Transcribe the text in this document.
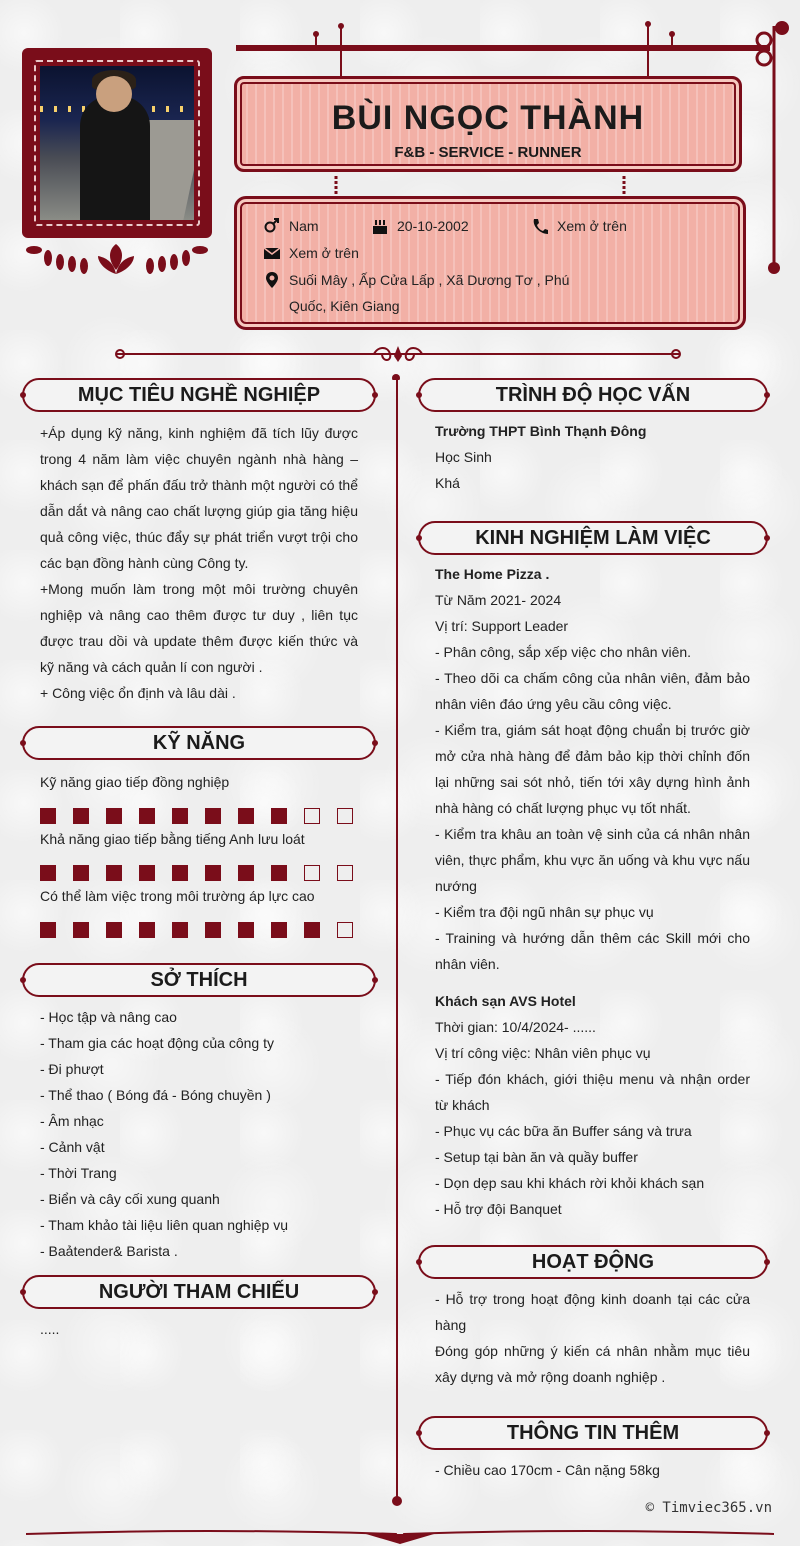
BÙI NGỌC THÀNH
F&B - SERVICE - RUNNER
Nam	20-10-2002	Xem ở trên
Xem ở trên
Suối Mây , Ấp Cửa Lấp , Xã Dương Tơ , Phú Quốc, Kiên Giang
MỤC TIÊU NGHỀ NGHIỆP

+Áp dụng kỹ năng, kinh nghiệm đã tích lũy được trong 4 năm làm việc chuyên ngành nhà hàng – khách sạn để phấn đấu trở thành một người có thể dẫn dắt và nâng cao chất lượng giúp gia tăng hiệu quả công việc, thúc đẩy sự phát triển vượt trội cho các bạn đồng hành cùng Công ty.

+Mong muốn làm trong một môi trường chuyên nghiệp và nâng cao thêm được tư duy , liên tục được trau dồi và update thêm được kiến thức và kỹ năng và cách quản lí con người .

+ Công việc ổn định và lâu dài .

KỸ NĂNG
Kỹ năng giao tiếp đồng nghiệp
Khả năng giao tiếp bằng tiếng Anh lưu loát
Có thể làm việc trong môi trường áp lực cao
SỞ THÍCH
- Học tập và nâng cao
- Tham gia các hoạt động của công ty
- Đi phượt
- Thể thao ( Bóng đá - Bóng chuyền )
- Âm nhạc
- Cảnh vật
- Thời Trang
- Biển và cây cối xung quanh
- Tham khảo tài liệu liên quan nghiệp vụ
- Baảtender& Barista .
NGƯỜI THAM CHIẾU
.....
TRÌNH ĐỘ HỌC VẤN
Trường THPT Bình Thạnh Đông
Học Sinh
Khá
KINH NGHIỆM LÀM VIỆC
The Home Pizza .
Từ Năm 2021- 2024
Vị trí: Support Leader
- Phân công, sắp xếp việc cho nhân viên.
- Theo dõi ca chấm công của nhân viên, đảm bảo nhân viên đáo ứng yêu cầu công việc.
- Kiểm tra, giám sát hoạt động chuẩn bị trước giờ mở cửa nhà hàng để đảm bảo kịp thời chỉnh đốn lại những sai sót nhỏ, tiến tới xây dựng hình ảnh nhà hàng có chất lượng phục vụ tốt nhất.
- Kiểm tra khâu an toàn vệ sinh của cá nhân nhân viên, thực phẩm, khu vực ăn uống và khu vực nấu nướng
- Kiểm tra đội ngũ nhân sự phục vụ
- Training và hướng dẫn thêm các Skill mới cho nhân viên.
Khách sạn AVS Hotel
Thời gian: 10/4/2024- ......
Vị trí công việc: Nhân viên phục vụ
- Tiếp đón khách, giới thiệu menu và nhận order từ khách
- Phục vụ các bữa ăn Buffer sáng và trưa
- Setup tại bàn ăn và quầy buffer
- Dọn dẹp sau khi khách rời khỏi khách sạn
- Hỗ trợ đội Banquet
HOẠT ĐỘNG
- Hỗ trợ trong hoạt động kinh doanh tại các cửa hàng
Đóng góp những ý kiến cá nhân nhằm mục tiêu xây dựng và mở rộng doanh nghiệp .
THÔNG TIN THÊM
- Chiều cao 170cm - Cân nặng 58kg
© Timviec365.vn
